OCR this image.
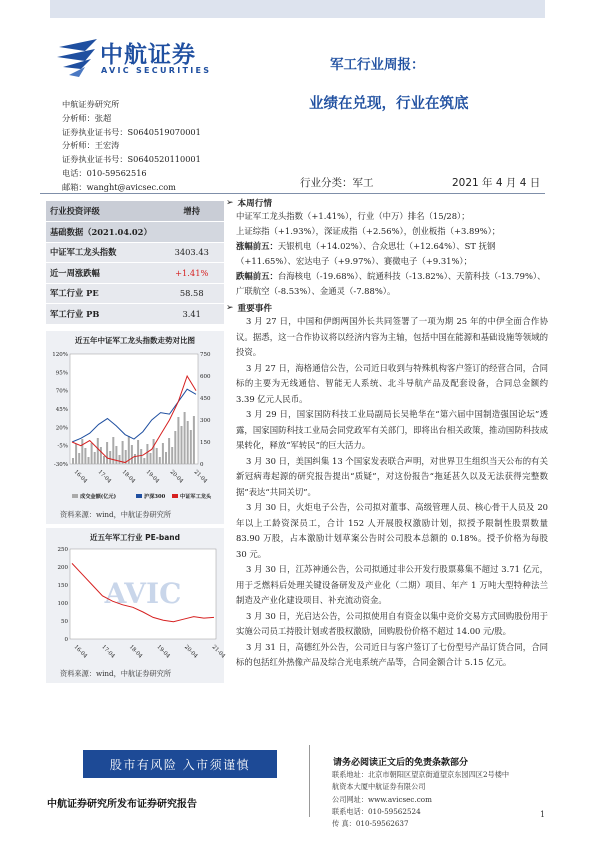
中航证券
AVIC SECURITIES	军工行业周报：
业绩在兑现，行业在筑底
中航证券研究所
分析师：张超
证券执业证书号：S0640519070001
分析师：王宏涛
证券执业证书号：S0640520110001
电话：010-59562516
邮箱：wanght@avicsec.com	行业分类：军工	2021 年 4 月 4 日
行业投资评级	增持
基础数据（2021.04.02）	
中证军工龙头指数	3403.43
近一周涨跌幅	+1.41%
军工行业 PE	58.58
军工行业 PB	3.41
近五年中证军工龙头指数走势对比图
120%
95%
70%
45%
20%
-5%
-30%
750
600
450
300
150
0
16-04 17-04 18-04 19-04 20-04 21-04
成交金额(亿元)	沪深300	中证军工龙头
资料来源：wind，中航证券研究所
近五年军工行业 PE-band
AVIC
250
200
150
100
50
0
16-04 17-04 18-04 19-04 20-04 21-04
资料来源：wind，中航证券研究所
➢ 本周行情
中证军工龙头指数（+1.41%），行业（中万）排名（15/28）；
上证综指（+1.93%），深证成指（+2.56%），创业板指（+3.89%）；
涨幅前五：天银机电（+14.02%）、合众思壮（+12.64%）、ST 抚钢（+11.65%）、宏达电子（+9.97%）、赛微电子（+9.31%）；
跌幅前五：台海核电（-19.68%）、皖通科技（-13.82%）、天箭科技（-13.79%）、广联航空（-8.53%）、金通灵（-7.88%）。
➢ 重要事件
3 月 27 日，中国和伊朗两国外长共同签署了一项为期 25 年的中伊全面合作协议。据悉，这一合作协议将以经济内容为主轴，包括中国在能源和基础设施等领域的投资。
3 月 27 日，海格通信公告，公司近日收到与特殊机构客户签订的经营合同，合同标的主要为无线通信、智能无人系统、北斗导航产品及配套设备，合同总金额约 3.39 亿元人民币。
3 月 29 日，国家国防科技工业局副局长吴艳华在“第六届中国制造强国论坛”透露，国家国防科技工业局会同党政军有关部门，即将出台相关政策，推动国防科技成果转化，释放“军转民”的巨大活力。
3 月 30 日，美国纠集 13 个国家发表联合声明，对世界卫生组织当天公布的有关新冠病毒起源的研究报告提出“质疑”，对这份报告“拖延甚久以及无法获得完整数据”表达“共同关切”。
3 月 30 日，火炬电子公告，公司拟对董事、高级管理人员、核心骨干人员及 20 年以上工龄资深员工，合计 152 人开展股权激励计划，拟授予限制性股票数量 83.90 万股，占本激励计划草案公告时公司股本总额的 0.18%。授予价格为每股 30 元。
3 月 30 日，江苏神通公告，公司拟通过非公开发行股票募集不超过 3.71 亿元，用于乏燃料后处理关键设备研发及产业化（二期）项目、年产 1 万吨大型特种法兰制造及产业化建设项目、补充流动资金。
3 月 30 日，光启达公告，公司拟使用自有资金以集中竞价交易方式回购股份用于实施公司员工持股计划或者股权激励，回购股份价格不超过 14.00 元/股。
3 月 31 日，高德红外公告，公司近日与客户签订了七份型号产品订货合同，合同标的包括红外热像产品及综合光电系统产品等，合同金额合计 5.15 亿元。
股市有风险 入市须谨慎	请务必阅读正文后的免责条款部分
联系地址：北京市朝阳区望京街道望京东园四区2号楼中
航资本大厦中航证券有限公司
公司网址：www.avicsec.com
联系电话：010-59562524
传 真：010-59562637
中航证券研究所发布证券研究报告
1
